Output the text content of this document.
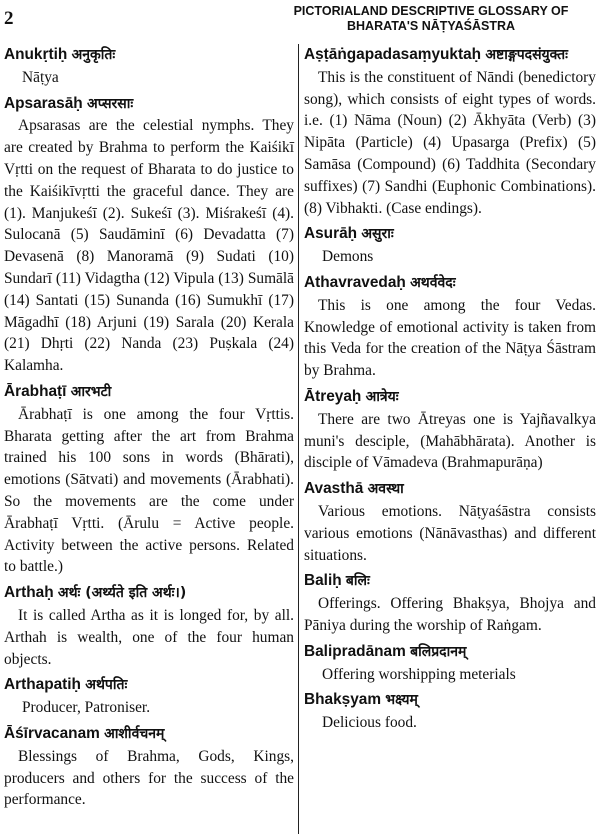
2	PICTORIALAND DESCRIPTIVE GLOSSARY OF BHARATA'S NĀṬYAŚĀSTRA
Anukṛtiḥ अनुकृतिः
Nāṭya
Apsarasāḥ अप्सरसाः
Apsarasas are the celestial nymphs. They are created by Brahma to perform the Kaiśikī Vṛtti on the request of Bharata to do justice to the Kaiśikīvṛtti the graceful dance. They are (1). Manjukeśī (2). Sukeśī (3). Miśrakeśī (4). Sulocanā (5) Saudāminī (6) Devadatta (7) Devasenā (8) Manoramā (9) Sudati (10) Sundarī (11) Vidagtha (12) Vipula (13) Sumālā (14) Santati (15) Sunanda (16) Sumukhī (17) Māgadhī (18) Arjuni (19) Sarala (20) Kerala (21) Dhṛti (22) Nanda (23) Puṣkala (24) Kalamha.
Ārabhaṭī आरभटी
Ārabhaṭī is one among the four Vṛttis. Bharata getting after the art from Brahma trained his 100 sons in words (Bhārati), emotions (Sātvati) and movements (Ārabhati). So the movements are the come under Ārabhaṭī Vṛtti. (Ārulu = Active people. Activity between the active persons. Related to battle.)
Arthaḥ अर्थः (अर्थ्यते इति अर्थः।)
It is called Artha as it is longed for, by all. Arthah is wealth, one of the four human objects.
Arthapatiḥ अर्थपतिः
Producer, Patroniser.
Āśīrvacanam आशीर्वचनम्
Blessings of Brahma, Gods, Kings, producers and others for the success of the performance.
Aṣṭāṅgapadasaṃyuktaḥ अष्टाङ्गपदसंयुक्तः
This is the constituent of Nāndi (benedictory song), which consists of eight types of words. i.e. (1) Nāma (Noun) (2) Ākhyāta (Verb) (3) Nipāta (Particle) (4) Upasarga (Prefix) (5) Samāsa (Compound) (6) Taddhita (Secondary suffixes) (7) Sandhi (Euphonic Combinations). (8) Vibhakti. (Case endings).
Asurāḥ असुराः
Demons
Athavravedaḥ अथर्ववेदः
This is one among the four Vedas. Knowledge of emotional activity is taken from this Veda for the creation of the Nāṭya Śāstram by Brahma.
Ātreyaḥ आत्रेयः
There are two Ātreyas one is Yajñavalkya muni's desciple, (Mahābhārata). Another is disciple of Vāmadeva (Brahmapurāṇa)
Avasthā अवस्था
Various emotions. Nāṭyaśāstra consists various emotions (Nānāvasthas) and different situations.
Baliḥ बलिः
Offerings. Offering Bhakṣya, Bhojya and Pāniya during the worship of Raṅgam.
Balipradānam बलिप्रदानम्
Offering worshipping meterials
Bhakṣyam भक्ष्यम्
Delicious food.
